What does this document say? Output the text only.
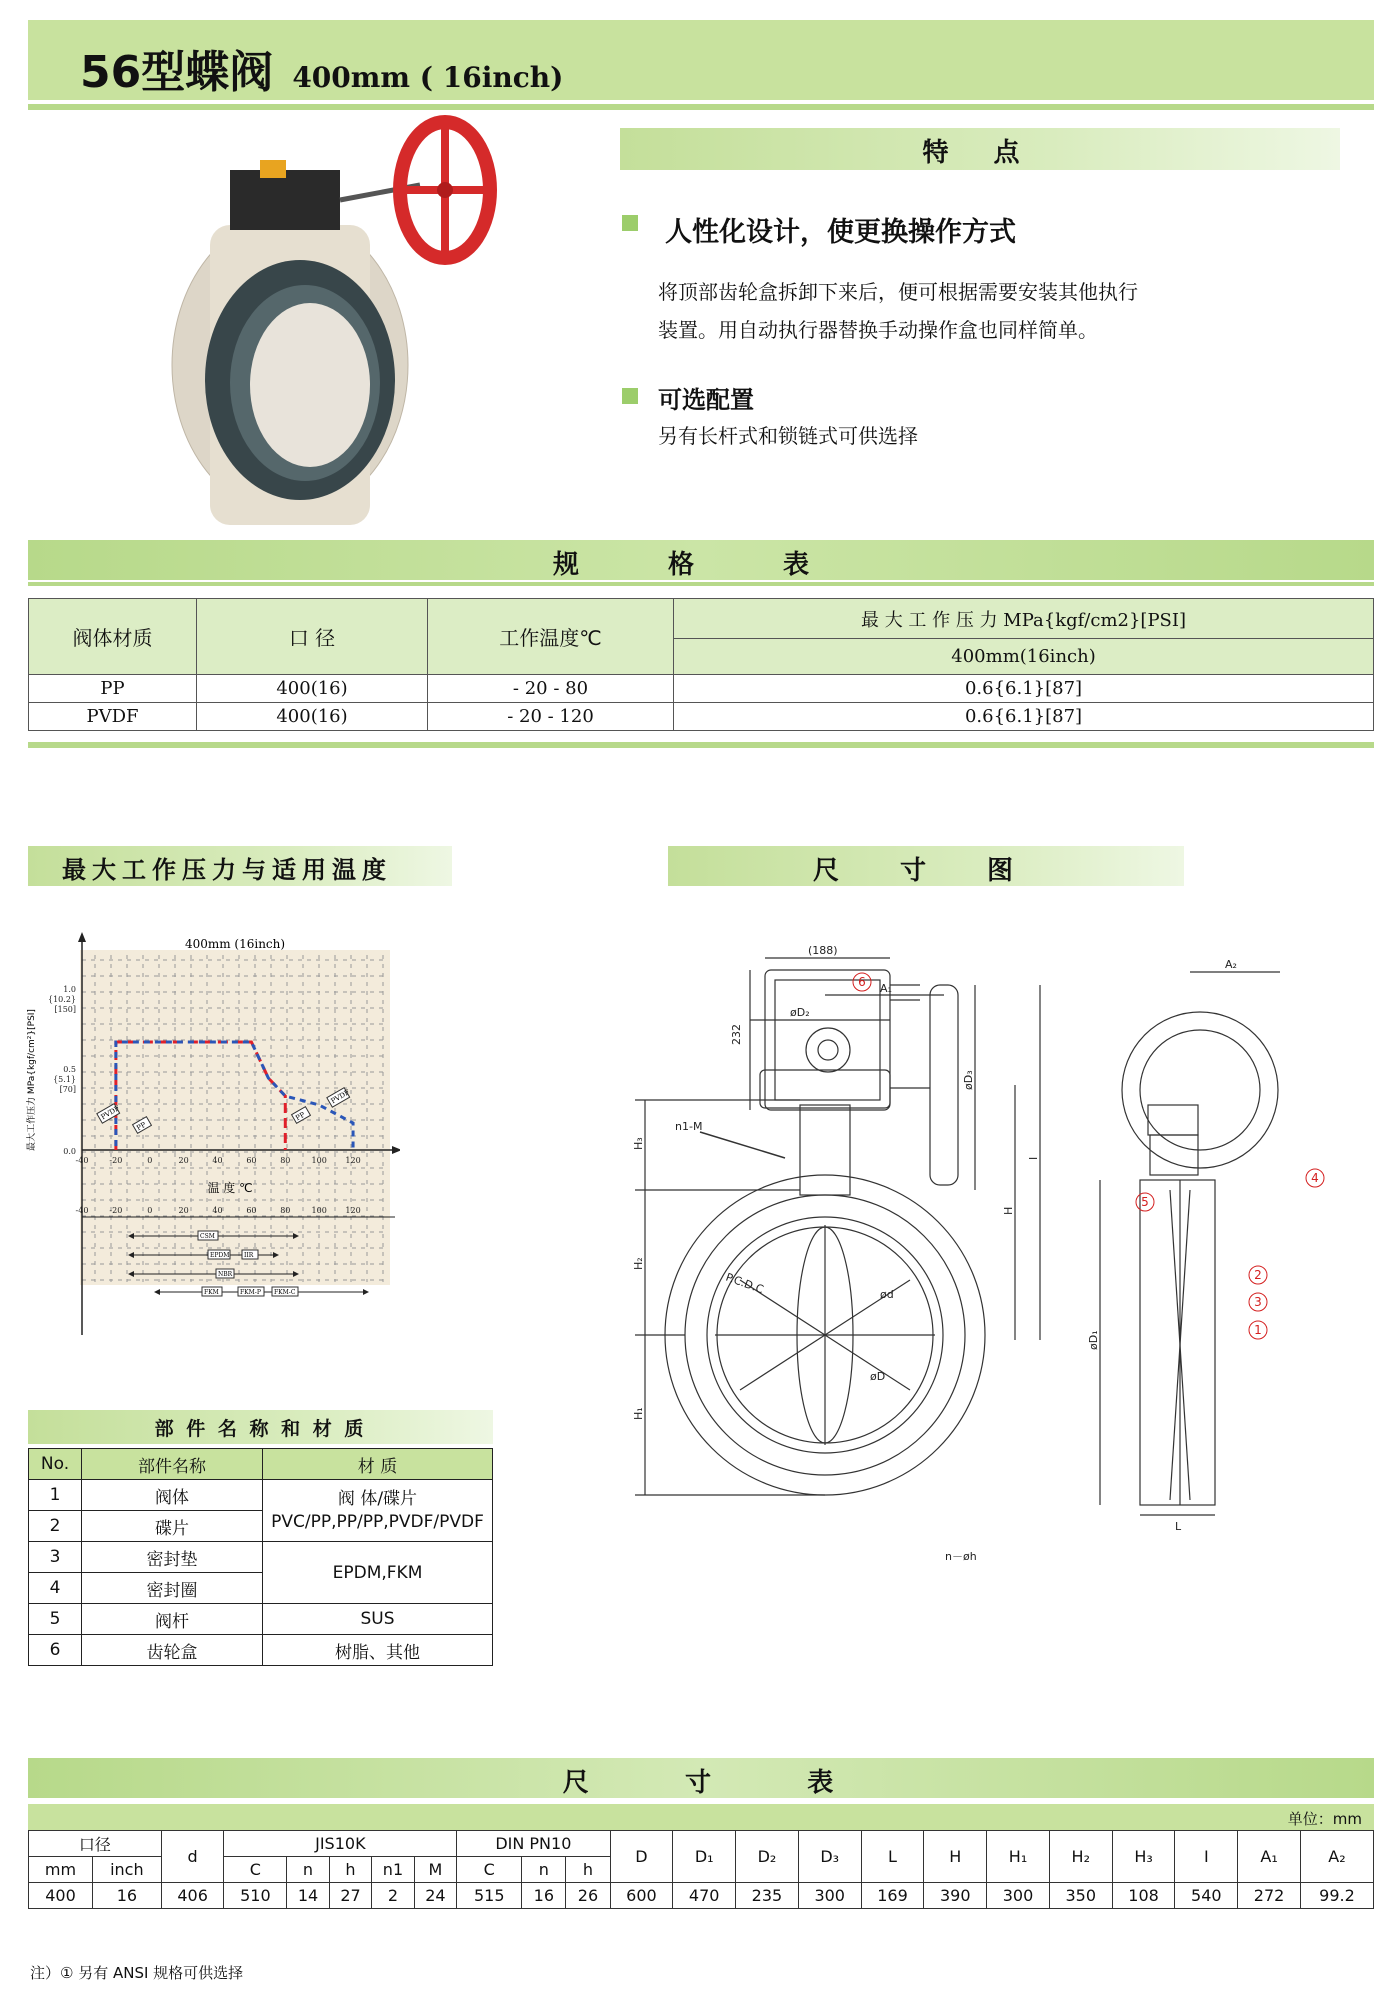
56型蝶阀 400mm ( 16inch)
特 点
人性化设计，使更换操作方式
将顶部齿轮盒拆卸下来后，便可根据需要安装其他执行
装置。用自动执行器替换手动操作盒也同样简单。
可选配置
另有长杆式和锁链式可供选择
规 格 表
阀体材质	口 径	工作温度℃	最 大 工 作 压 力 MPa{kgf/cm2}[PSI]
			400mm(16inch)
PP	400(16)	- 20 - 80	0.6{6.1}[87]
PVDF	400(16)	- 20 - 120	0.6{6.1}[87]
最大工作压力与适用温度
400mm (16inch)
最大工作压力 MPa{kgf/cm²}[PSI]
温 度 ℃
1.0
{10.2}
[150]
0.5
{5.1}
[70]
0.0
-40	-20	0	20	40	60	80	100 120
-40	-20	0	20	40	60	80	100 120
PVDF
PP
PP
PVDF
CSM
EPDM IIR
NBR
FKM	FKM-P FKM-C
尺 寸 图
(188)
232
n1-M
A₁
A₂
øD₂
øD₃
H₃
H₂
H₁
H
I
P.C.D.C	ød
øD
n－øh
øD₁
L
6
4
5
2
3
1
部 件 名 称 和 材 质
No.	部件名称	材 质
1	阀体	阀 体/碟片
PVC/PP,PP/PP,PVDF/PVDF

2	碟片	
3	密封垫	EPDM,FKM
4	密封圈	
5	阀杆	SUS
6	齿轮盒	树脂、其他
尺      寸      表
单位：mm
口径		d	JIS10K					DIN PN10			D	D₁	D₂	D₃	L	H	H₁	H₂	H₃	I	A₁	A₂
mm	inch		C	n	h	n1	M	C	n	h												
400	16	406	510	14	27	2	24	515	16	26	600	470	235	300	169	390	300	350	108	540	272	99.2
注）① 另有 ANSI 规格可供选择
